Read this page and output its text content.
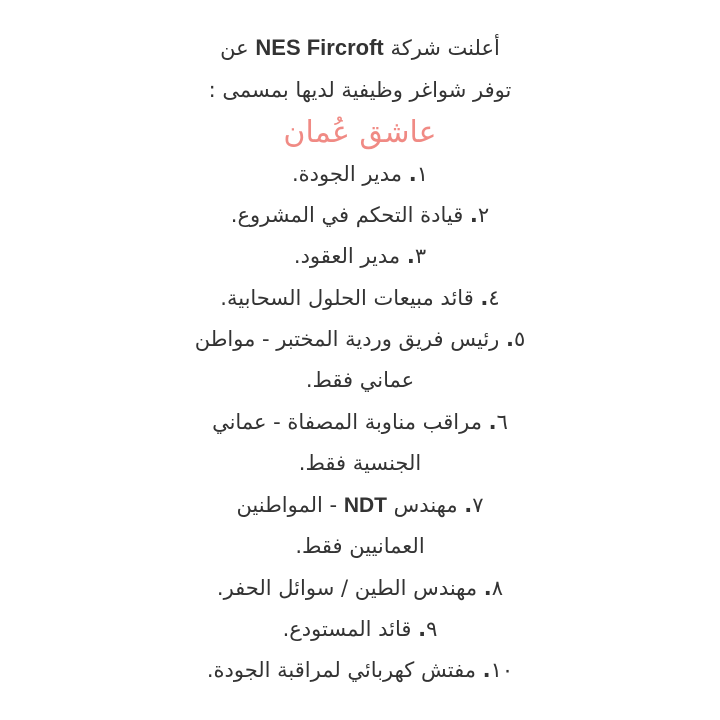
أعلنت شركة NES Fircroft عن
توفر شواغر وظيفية لديها بمسمى :
عاشق عُمان
١. مدير الجودة.
٢. قيادة التحكم في المشروع.
٣. مدير العقود.
٤. قائد مبيعات الحلول السحابية.
٥. رئيس فريق وردية المختبر - مواطن
عماني فقط.
٦. مراقب مناوبة المصفاة - عماني
الجنسية فقط.
٧. مهندس NDT - المواطنين
العمانيين فقط.
٨. مهندس الطين / سوائل الحفر.
٩. قائد المستودع.
١٠. مفتش كهربائي لمراقبة الجودة.
